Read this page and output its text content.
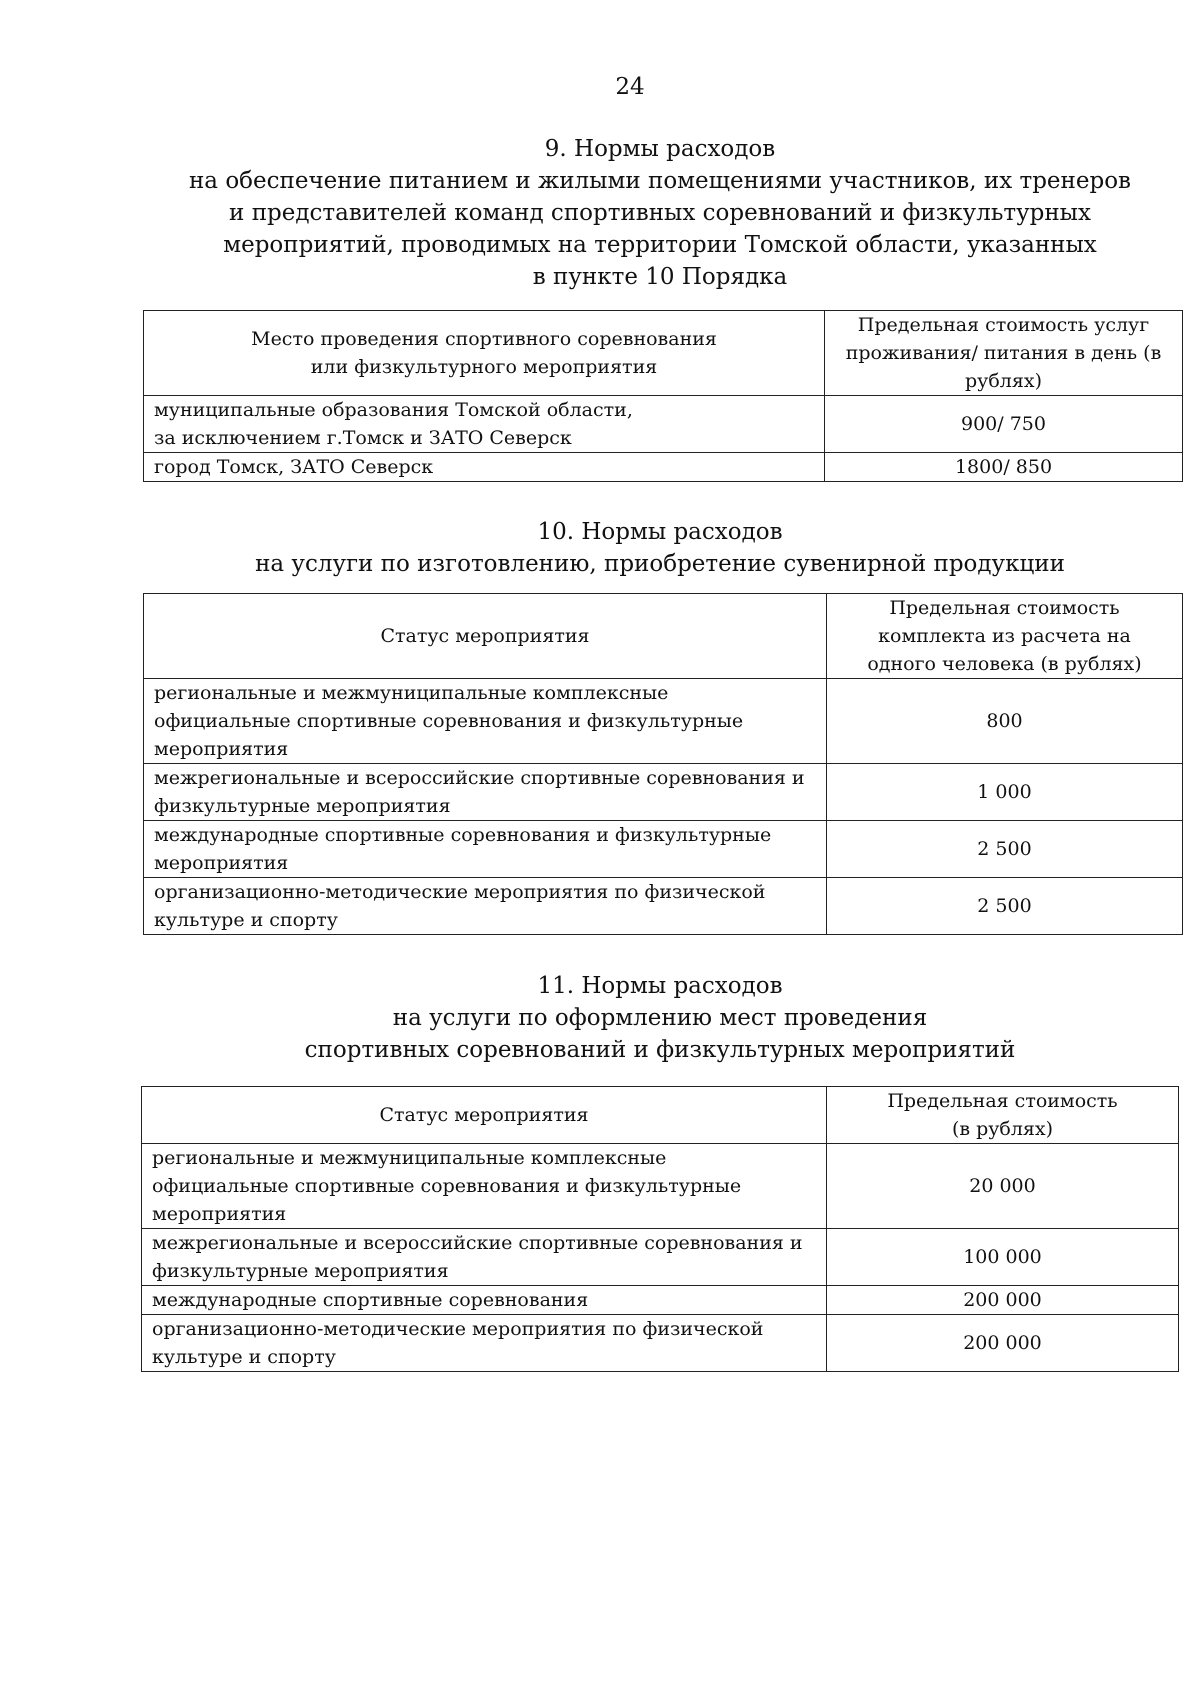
24
9. Нормы расходов
на обеспечение питанием и жилыми помещениями участников, их тренеров
и представителей команд спортивных соревнований и физкультурных
мероприятий, проводимых на территории Томской области, указанных
в пункте 10 Порядка
Место проведения спортивного соревнования
или физкультурного мероприятия	Предельная стоимость услуг
проживания/ питания в день (в
рублях)

муниципальные образования Томской области,
за исключением г.Томск и ЗАТО Северск	900/ 750

город Томск, ЗАТО Северск	1800/ 850
10. Нормы расходов
на услуги по изготовлению, приобретение сувенирной продукции
Статус мероприятия	Предельная стоимость
комплекта из расчета на
одного человека (в рублях)

региональные и межмуниципальные комплексные
официальные спортивные соревнования и физкультурные
мероприятия	800

межрегиональные и всероссийские спортивные соревнования и
физкультурные мероприятия	1 000

международные спортивные соревнования и физкультурные
мероприятия	2 500

организационно-методические мероприятия по физической
культуре и спорту	2 500
11. Нормы расходов
на услуги по оформлению мест проведения
спортивных соревнований и физкультурных мероприятий
Статус мероприятия	Предельная стоимость
(в рублях)

региональные и межмуниципальные комплексные
официальные спортивные соревнования и физкультурные
мероприятия	20 000

межрегиональные и всероссийские спортивные соревнования и
физкультурные мероприятия	100 000

международные спортивные соревнования	200 000

организационно-методические мероприятия по физической
культуре и спорту	200 000
